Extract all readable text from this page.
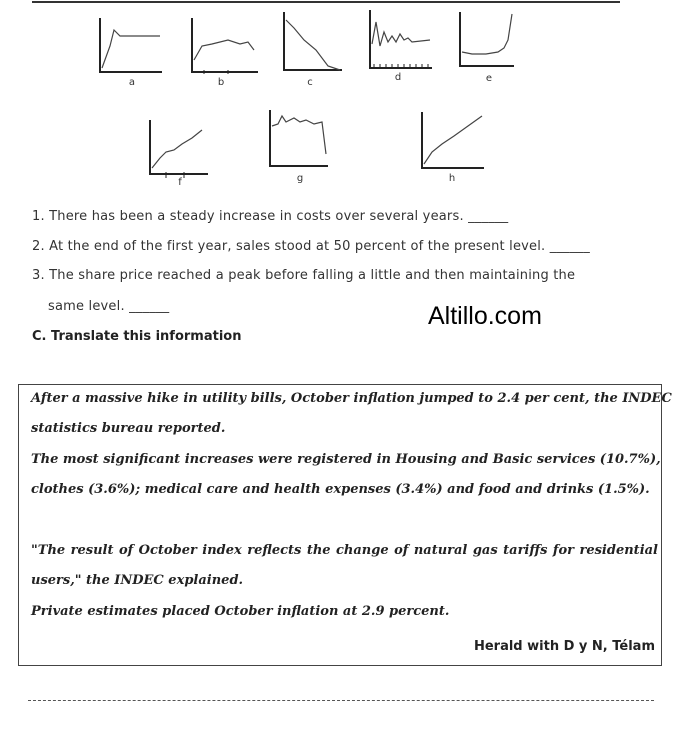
a	b	c	d	e
f	g	h
1. There has been a steady increase in costs over several years. ______
2. At the end of the first year, sales stood at 50 percent of the present level. ______
3. The share price reached a peak before falling a little and then maintaining the
same level. ______	Altillo.com
C. Translate this information
After a massive hike in utility bills, October inflation jumped to 2.4 per cent, the INDEC
statistics bureau reported.
The most significant increases were registered in Housing and Basic services (10.7%),
clothes (3.6%); medical care and health expenses (3.4%) and food and drinks (1.5%).
"The result of October index reflects the change of natural gas tariffs for residential
users," the INDEC explained.
Private estimates placed October inflation at 2.9 percent.
Herald with D y N, Télam
